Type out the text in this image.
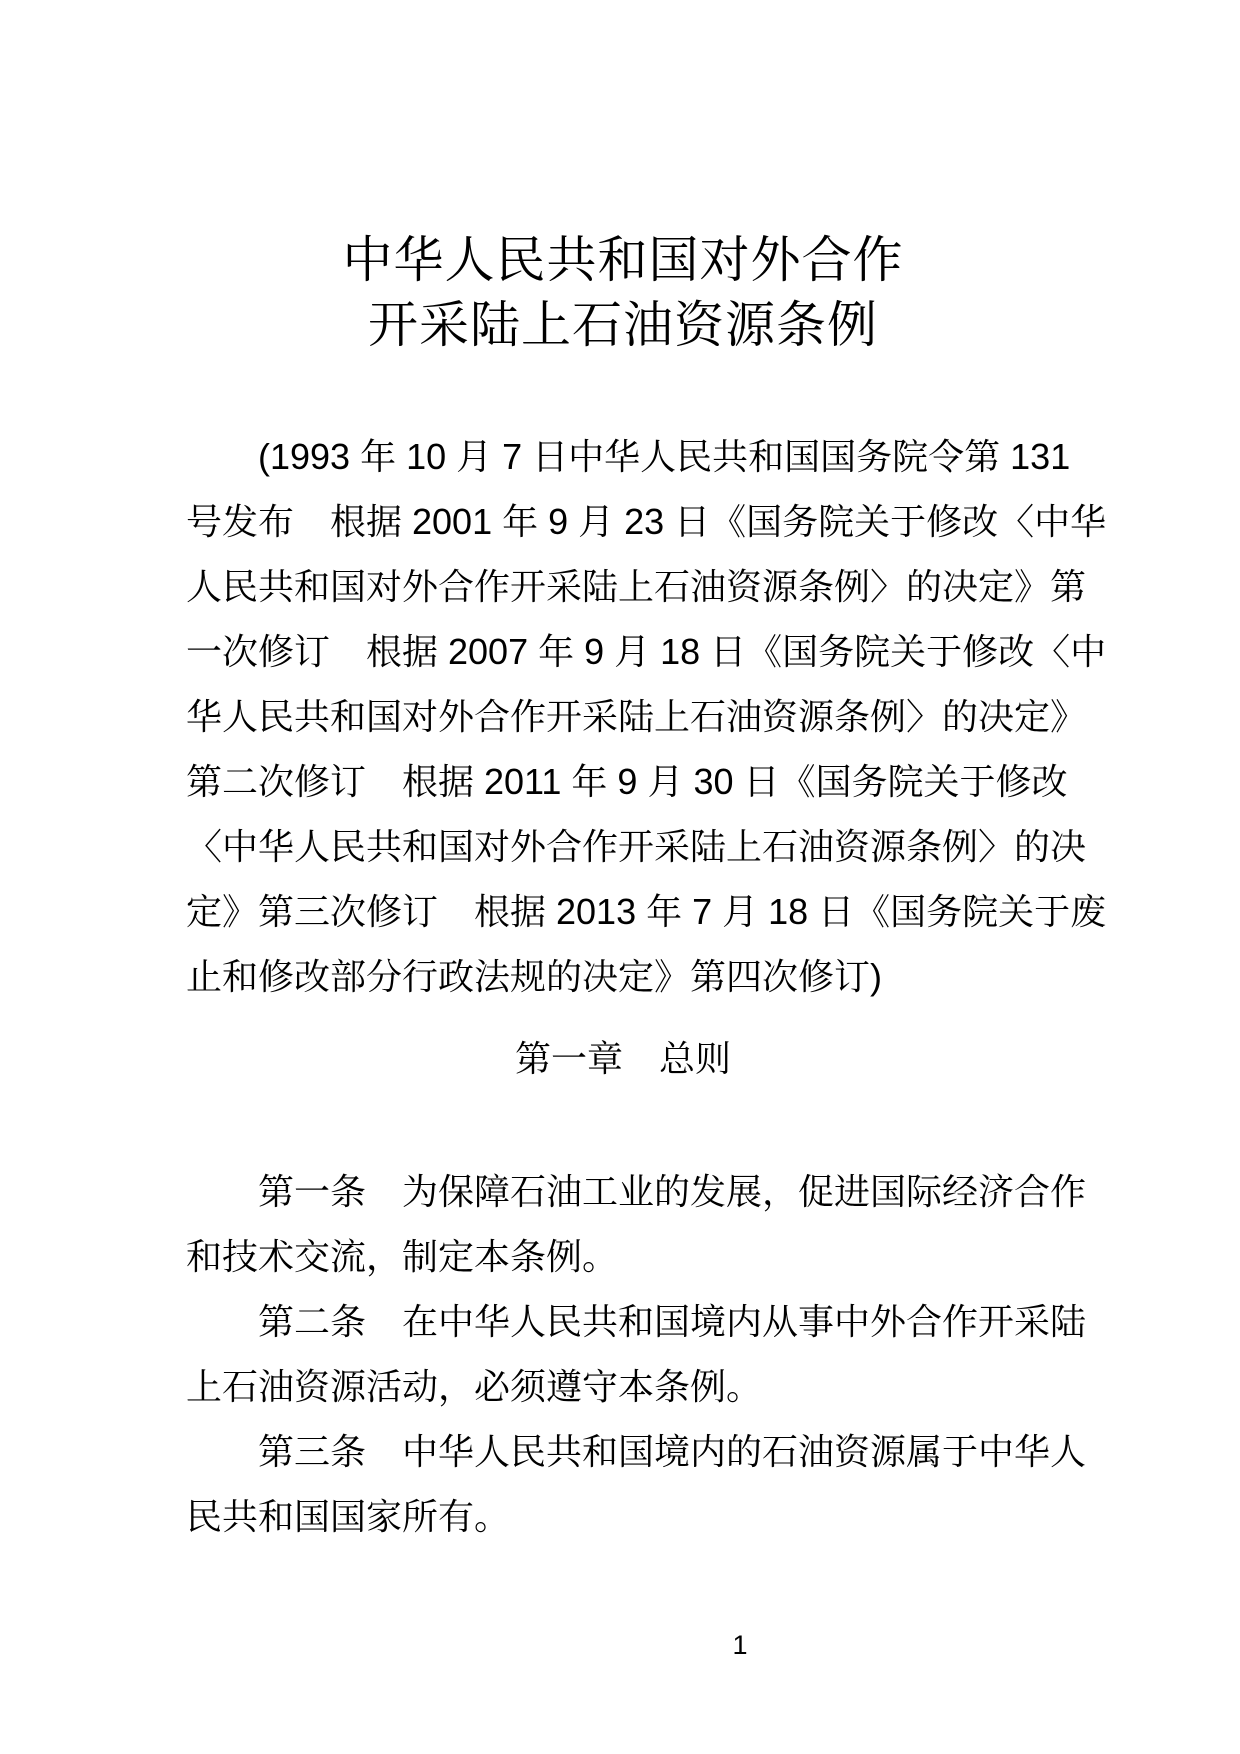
中华人民共和国对外合作
开采陆上石油资源条例
(1993 年 10 月 7 日中华人民共和国国务院令第 131
号发布　根据 2001 年 9 月 23 日《国务院关于修改〈中华
人民共和国对外合作开采陆上石油资源条例〉的决定》第
一次修订　根据 2007 年 9 月 18 日《国务院关于修改〈中
华人民共和国对外合作开采陆上石油资源条例〉的决定》
第二次修订　根据 2011 年 9 月 30 日《国务院关于修改
〈中华人民共和国对外合作开采陆上石油资源条例〉的决
定》第三次修订　根据 2013 年 7 月 18 日《国务院关于废
止和修改部分行政法规的决定》第四次修订)
第一章　总则
第一条　为保障石油工业的发展，促进国际经济合作
和技术交流，制定本条例。
第二条　在中华人民共和国境内从事中外合作开采陆
上石油资源活动，必须遵守本条例。
第三条　中华人民共和国境内的石油资源属于中华人
民共和国国家所有。
1
